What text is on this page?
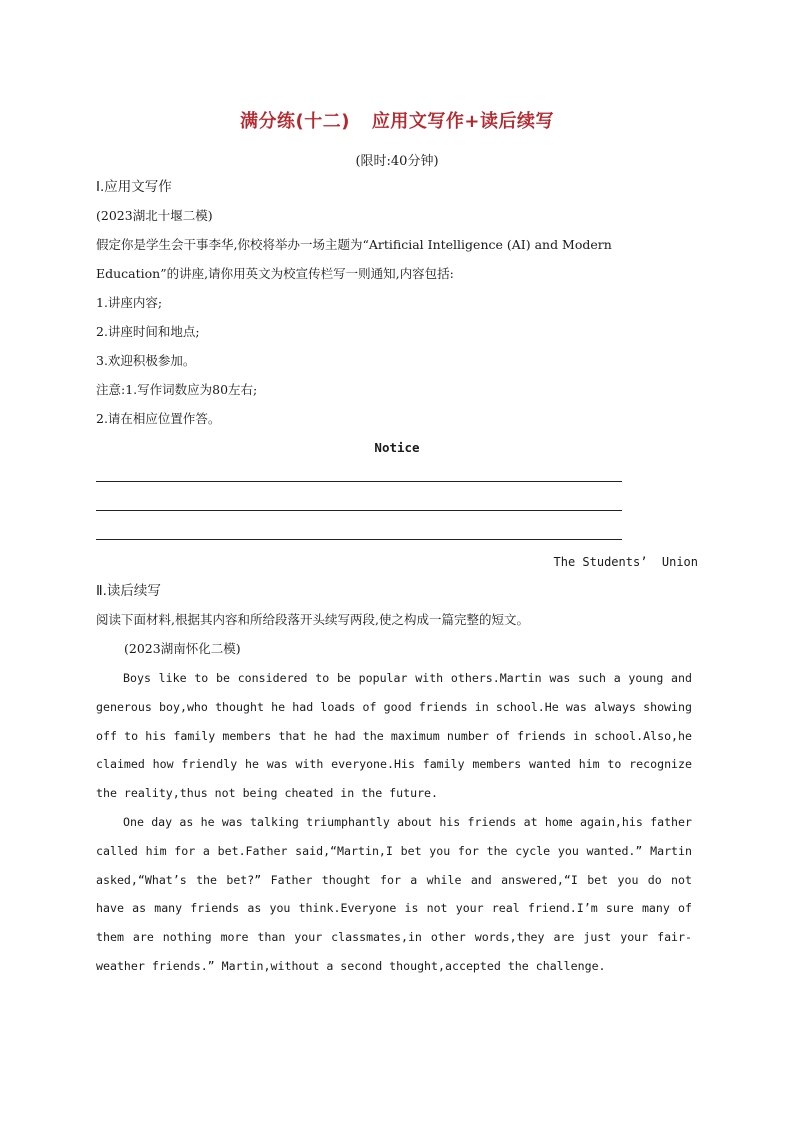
满分练(十二) 应用文写作+读后续写
(限时:40分钟)
Ⅰ.应用文写作
(2023湖北十堰二模)
假定你是学生会干事李华,你校将举办一场主题为“Artificial Intelligence (AI) and Modern
Education”的讲座,请你用英文为校宣传栏写一则通知,内容包括:
1.讲座内容;
2.讲座时间和地点;
3.欢迎积极参加。
注意:1.写作词数应为80左右;
2.请在相应位置作答。
Notice
The Students’  Union
Ⅱ.读后续写
阅读下面材料,根据其内容和所给段落开头续写两段,使之构成一篇完整的短文。
(2023湖南怀化二模)
Boys like to be considered to be popular with others.Martin was such a young and generous boy,who thought he had loads of good friends in school.He was always showing off to his family members that he had the maximum number of friends in school.Also,he claimed how friendly he was with everyone.His family members wanted him to recognize the reality,thus not being cheated in the future.
One day as he was talking triumphantly about his friends at home again,his father called him for a bet.Father said,“Martin,I bet you for the cycle you wanted.” Martin asked,“What’s the bet?” Father thought for a while and answered,“I bet you do not have as many friends as you think.Everyone is not your real friend.I’m sure many of them are nothing more than your classmates,in other words,they are just your fair-weather friends.” Martin,without a second thought,accepted the challenge.
